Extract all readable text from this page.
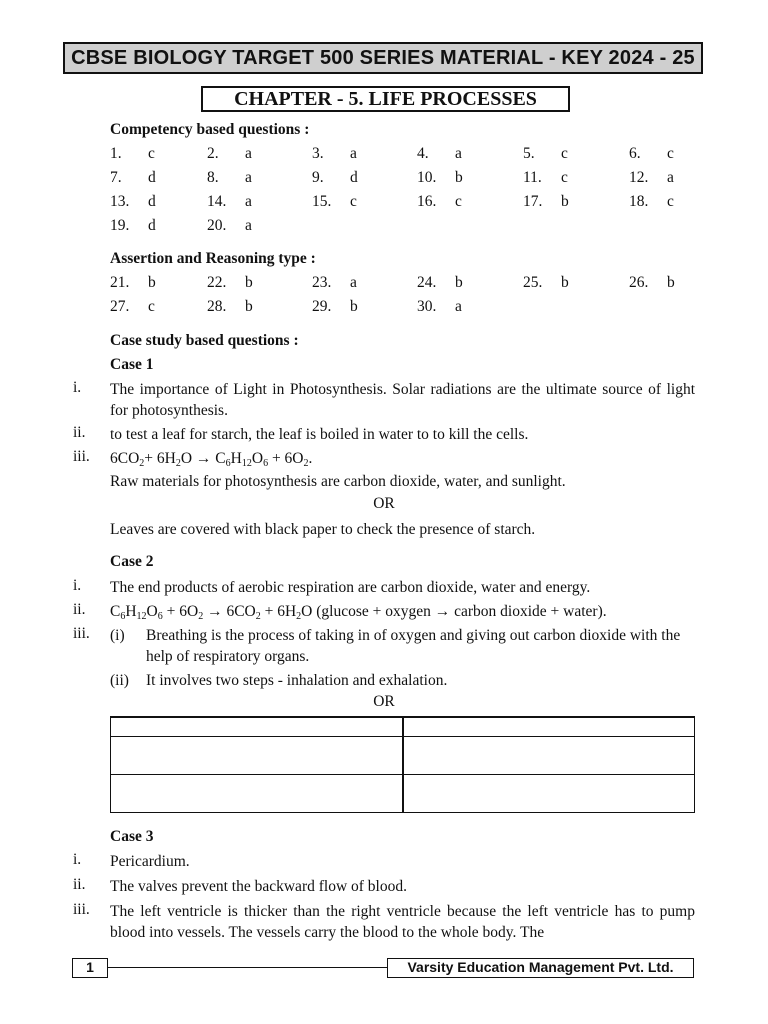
CBSE BIOLOGY TARGET 500 SERIES MATERIAL - KEY 2024 - 25
CHAPTER - 5. LIFE PROCESSES
Competency based questions :
1. c	2. a	3. a	4. a	5. c	6. c
7. d	8. a	9. d	10. b	11. c	12. a
13. d	14. a	15. c	16. c	17. b	18. c
19. d	20. a
Assertion and Reasoning type :
21. b	22. b	23. a	24. b	25. b	26. b
27. c	28. b	29. b	30. a
Case study based questions :
Case 1
i. The importance of Light in Photosynthesis. Solar radiations are the ultimate source of light for photosynthesis.
ii. to test a leaf for starch, the leaf is boiled in water to to kill the cells.
iii. $6CO_2+ 6H_2O \to C_6H_{12}O_6 + 6O_2$.
Raw materials for photosynthesis are carbon dioxide, water, and sunlight.
OR
Leaves are covered with black paper to check the presence of starch.
Case 2
i. The end products of aerobic respiration are carbon dioxide, water and energy.
ii. $C_6H_{12}O_6 + 6O_2 \to 6CO_2 + 6H_2O$ (glucose + oxygen → carbon dioxide + water).
iii. (i) Breathing is the process of taking in of oxygen and giving out carbon dioxide with the help of respiratory organs.
(ii) It involves two steps - inhalation and exhalation.
OR

Case 3
i. Pericardium.
ii. The valves prevent the backward flow of blood.
iii. The left ventricle is thicker than the right ventricle because the left ventricle has to pump blood into vessels. The vessels carry the blood to the whole body. The
1	Varsity Education Management Pvt. Ltd.
